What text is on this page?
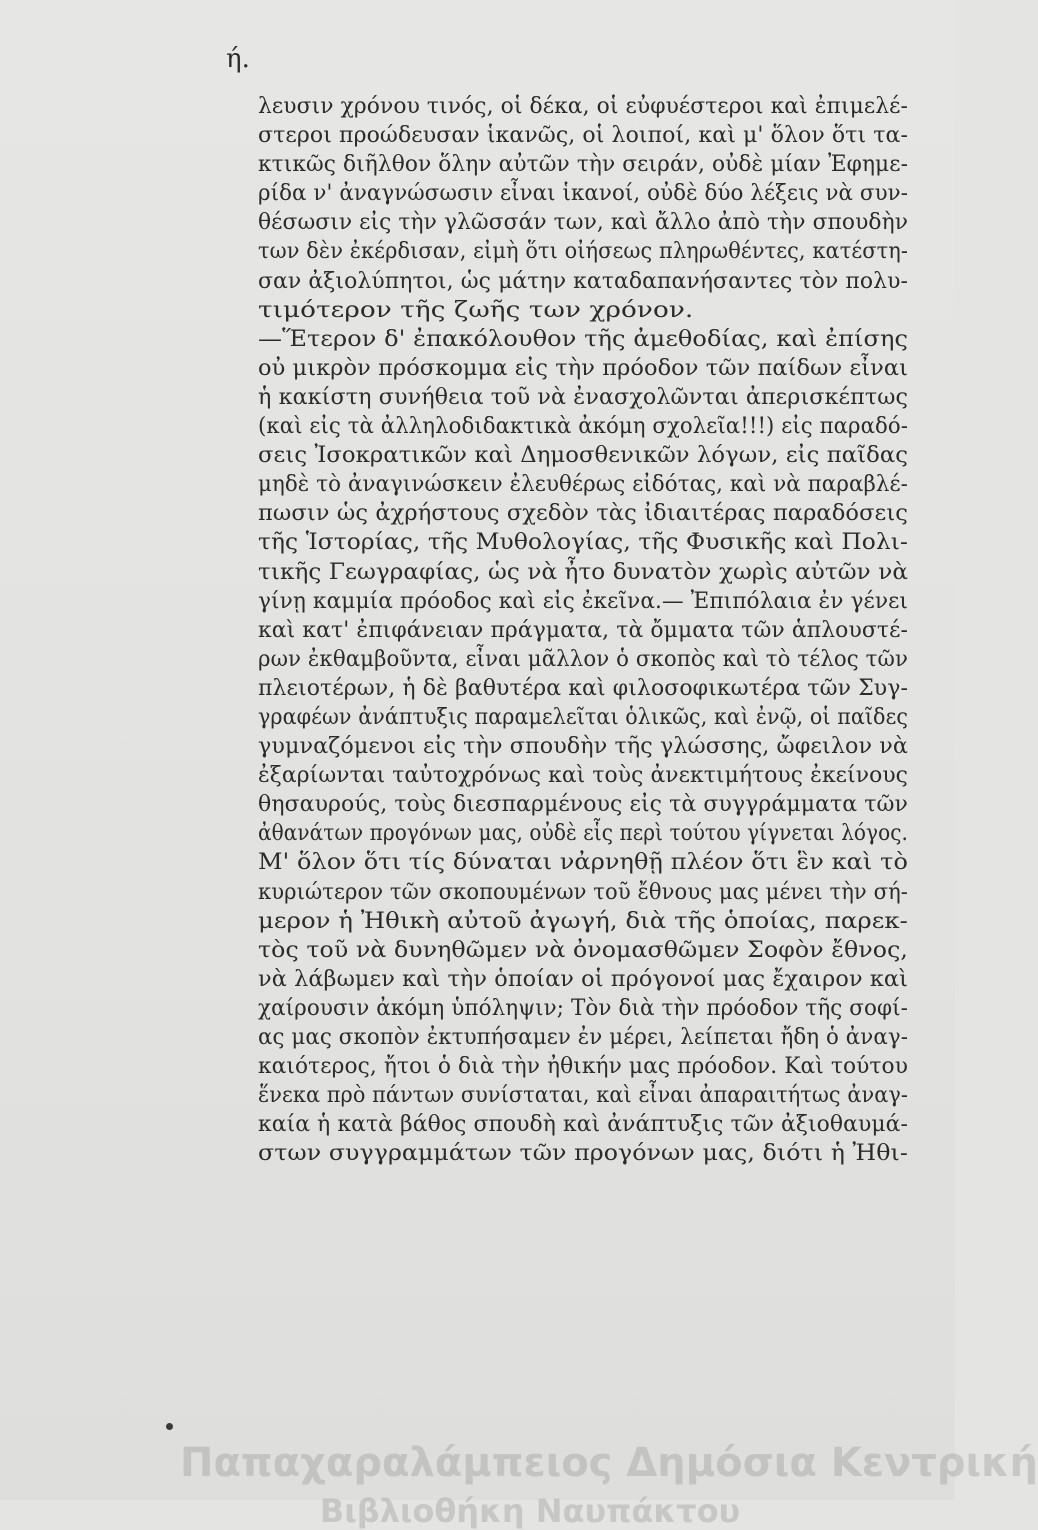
ή.
λευσιν χρόνου τινός, οἱ δέκα, οἱ εὐφυέστεροι καὶ ἐπιμελέ-
στεροι προώδευσαν ἱκανῶς, οἱ λοιποί, καὶ μ' ὅλον ὅτι τα-
κτικῶς διῆλθον ὅλην αὐτῶν τὴν σειράν, οὐδὲ μίαν Ἐφημε-
ρίδα ν' ἀναγνώσωσιν εἶναι ἱκανοί, οὐδὲ δύο λέξεις νὰ συν-
θέσωσιν εἰς τὴν γλῶσσάν των, καὶ ἄλλο ἀπὸ τὴν σπουδὴν
των δὲν ἐκέρδισαν, εἰμὴ ὅτι οἰήσεως πληρωθέντες, κατέστη-
σαν ἀξιολύπητοι, ὡς μάτην καταδαπανήσαντες τὸν πολυ-
τιμότερον τῆς ζωῆς των χρόνον.
—Ἕτερον δ' ἐπακόλουθον τῆς ἀμεθοδίας, καὶ ἐπίσης
οὐ μικρὸν πρόσκομμα εἰς τὴν πρόοδον τῶν παίδων εἶναι
ἡ κακίστη συνήθεια τοῦ νὰ ἐνασχολῶνται ἀπερισκέπτως
(καὶ εἰς τὰ ἀλληλοδιδακτικὰ ἀκόμη σχολεῖα!!!) εἰς παραδό-
σεις Ἰσοκρατικῶν καὶ Δημοσθενικῶν λόγων, εἰς παῖδας
μηδὲ τὸ ἀναγινώσκειν ἐλευθέρως εἰδότας, καὶ νὰ παραβλέ-
πωσιν ὡς ἀχρήστους σχεδὸν τὰς ἰδιαιτέρας παραδόσεις
τῆς Ἱστορίας, τῆς Μυθολογίας, τῆς Φυσικῆς καὶ Πολι-
τικῆς Γεωγραφίας, ὡς νὰ ἦτο δυνατὸν χωρὶς αὐτῶν νὰ
γίνῃ καμμία πρόοδος καὶ εἰς ἐκεῖνα.— Ἐπιπόλαια ἐν γένει
καὶ κατ' ἐπιφάνειαν πράγματα, τὰ ὄμματα τῶν ἁπλουστέ-
ρων ἐκθαμβοῦντα, εἶναι μᾶλλον ὁ σκοπὸς καὶ τὸ τέλος τῶν
πλειοτέρων, ἡ δὲ βαθυτέρα καὶ φιλοσοφικωτέρα τῶν Συγ-
γραφέων ἀνάπτυξις παραμελεῖται ὁλικῶς, καὶ ἐνῷ, οἱ παῖδες
γυμναζόμενοι εἰς τὴν σπουδὴν τῆς γλώσσης, ὤφειλον νὰ
ἐξαρίωνται ταὐτοχρόνως καὶ τοὺς ἀνεκτιμήτους ἐκείνους
θησαυρούς, τοὺς διεσπαρμένους εἰς τὰ συγγράμματα τῶν
ἀθανάτων προγόνων μας, οὐδὲ εἷς περὶ τούτου γίγνεται λόγος.
Μ' ὅλον ὅτι τίς δύναται νἀρνηθῇ πλέον ὅτι ἓν καὶ τὸ
κυριώτερον τῶν σκοπουμένων τοῦ ἔθνους μας μένει τὴν σή-
μερον ἡ Ἠθικὴ αὐτοῦ ἀγωγή, διὰ τῆς ὁποίας, παρεκ-
τὸς τοῦ νὰ δυνηθῶμεν νὰ ὀνομασθῶμεν Σοφὸν ἔθνος,
νὰ λάβωμεν καὶ τὴν ὁποίαν οἱ πρόγονοί μας ἔχαιρον καὶ
χαίρουσιν ἀκόμη ὑπόληψιν; Τὸν διὰ τὴν πρόοδον τῆς σοφί-
ας μας σκοπὸν ἐκτυπήσαμεν ἐν μέρει, λείπεται ἤδη ὁ ἀναγ-
καιότερος, ἤτοι ὁ διὰ τὴν ἠθικήν μας πρόοδον. Καὶ τούτου
ἕνεκα πρὸ πάντων συνίσταται, καὶ εἶναι ἀπαραιτήτως ἀναγ-
καία ἡ κατὰ βάθος σπουδὴ καὶ ἀνάπτυξις τῶν ἀξιοθαυμά-
στων συγγραμμάτων τῶν προγόνων μας, διότι ἡ Ἠθι-
Παπαχαραλάμπειος Δημόσια Κεντρική
Βιβλιοθήκη Ναυπάκτου
